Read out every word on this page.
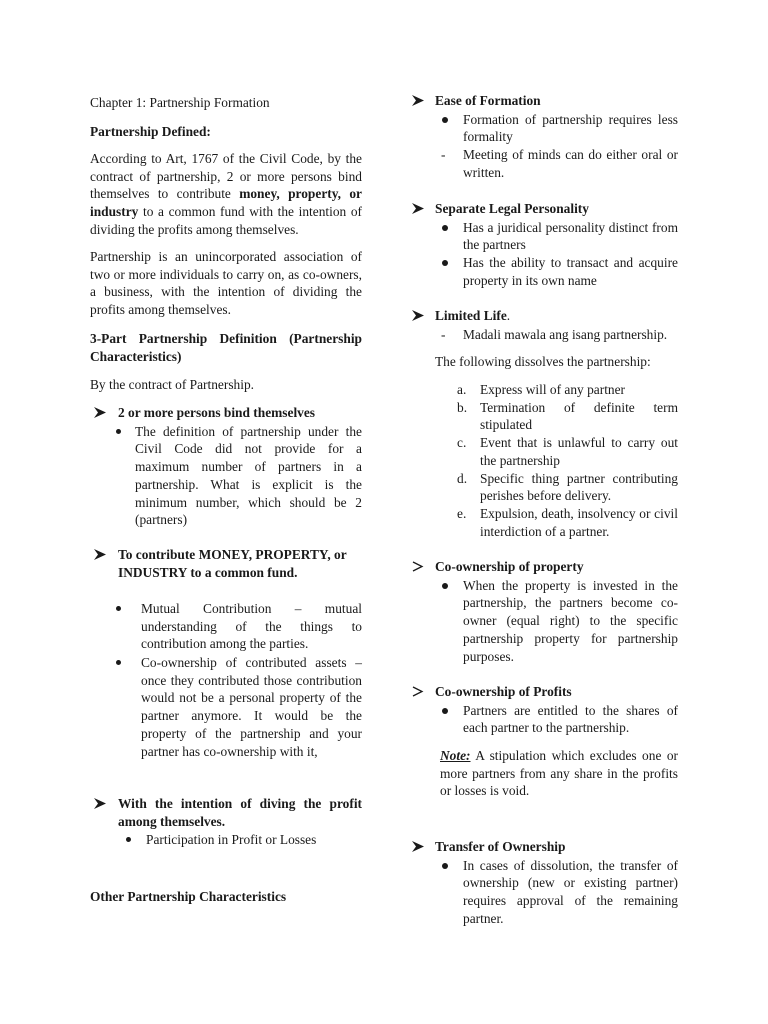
Chapter 1: Partnership Formation

Partnership Defined:

According to Art, 1767 of the Civil Code, by the contract of partnership, 2 or more persons bind themselves to contribute money, property, or industry to a common fund with the intention of dividing the profits among themselves.

Partnership is an unincorporated association of two or more individuals to carry on, as co-owners, a business, with the intention of dividing the profits among themselves.

3-Part Partnership Definition (Partnership Characteristics)

By the contract of Partnership.

2 or more persons bind themselves

The definition of partnership under the Civil Code did not provide for a maximum number of partners in a partnership. What is explicit is the minimum number, which should be 2 (partners)

To contribute MONEY, PROPERTY, or INDUSTRY to a common fund.

Mutual Contribution – mutual understanding of the things to contribution among the parties.

Co-ownership of contributed assets – once they contributed those contribution would not be a personal property of the partner anymore. It would be the property of the partnership and your partner has co-ownership with it,

With the intention of diving the profit among themselves.

Participation in Profit or Losses

Other Partnership Characteristics

Ease of Formation

Formation of partnership requires less formality

- Meeting of minds can do either oral or written.

Separate Legal Personality

Has a juridical personality distinct from the partners

Has the ability to transact and acquire property in its own name

Limited Life.

- Madali mawala ang isang partnership.

The following dissolves the partnership:

a. Express will of any partner

b. Termination of definite term stipulated

c. Event that is unlawful to carry out the partnership

d. Specific thing partner contributing perishes before delivery.

e. Expulsion, death, insolvency or civil interdiction of a partner.

Co-ownership of property

When the property is invested in the partnership, the partners become co-owner (equal right) to the specific partnership property for partnership purposes.

Co-ownership of Profits

Partners are entitled to the shares of each partner to the partnership.

Note: A stipulation which excludes one or more partners from any share in the profits or losses is void.

Transfer of Ownership

In cases of dissolution, the transfer of ownership (new or existing partner) requires approval of the remaining partner.
